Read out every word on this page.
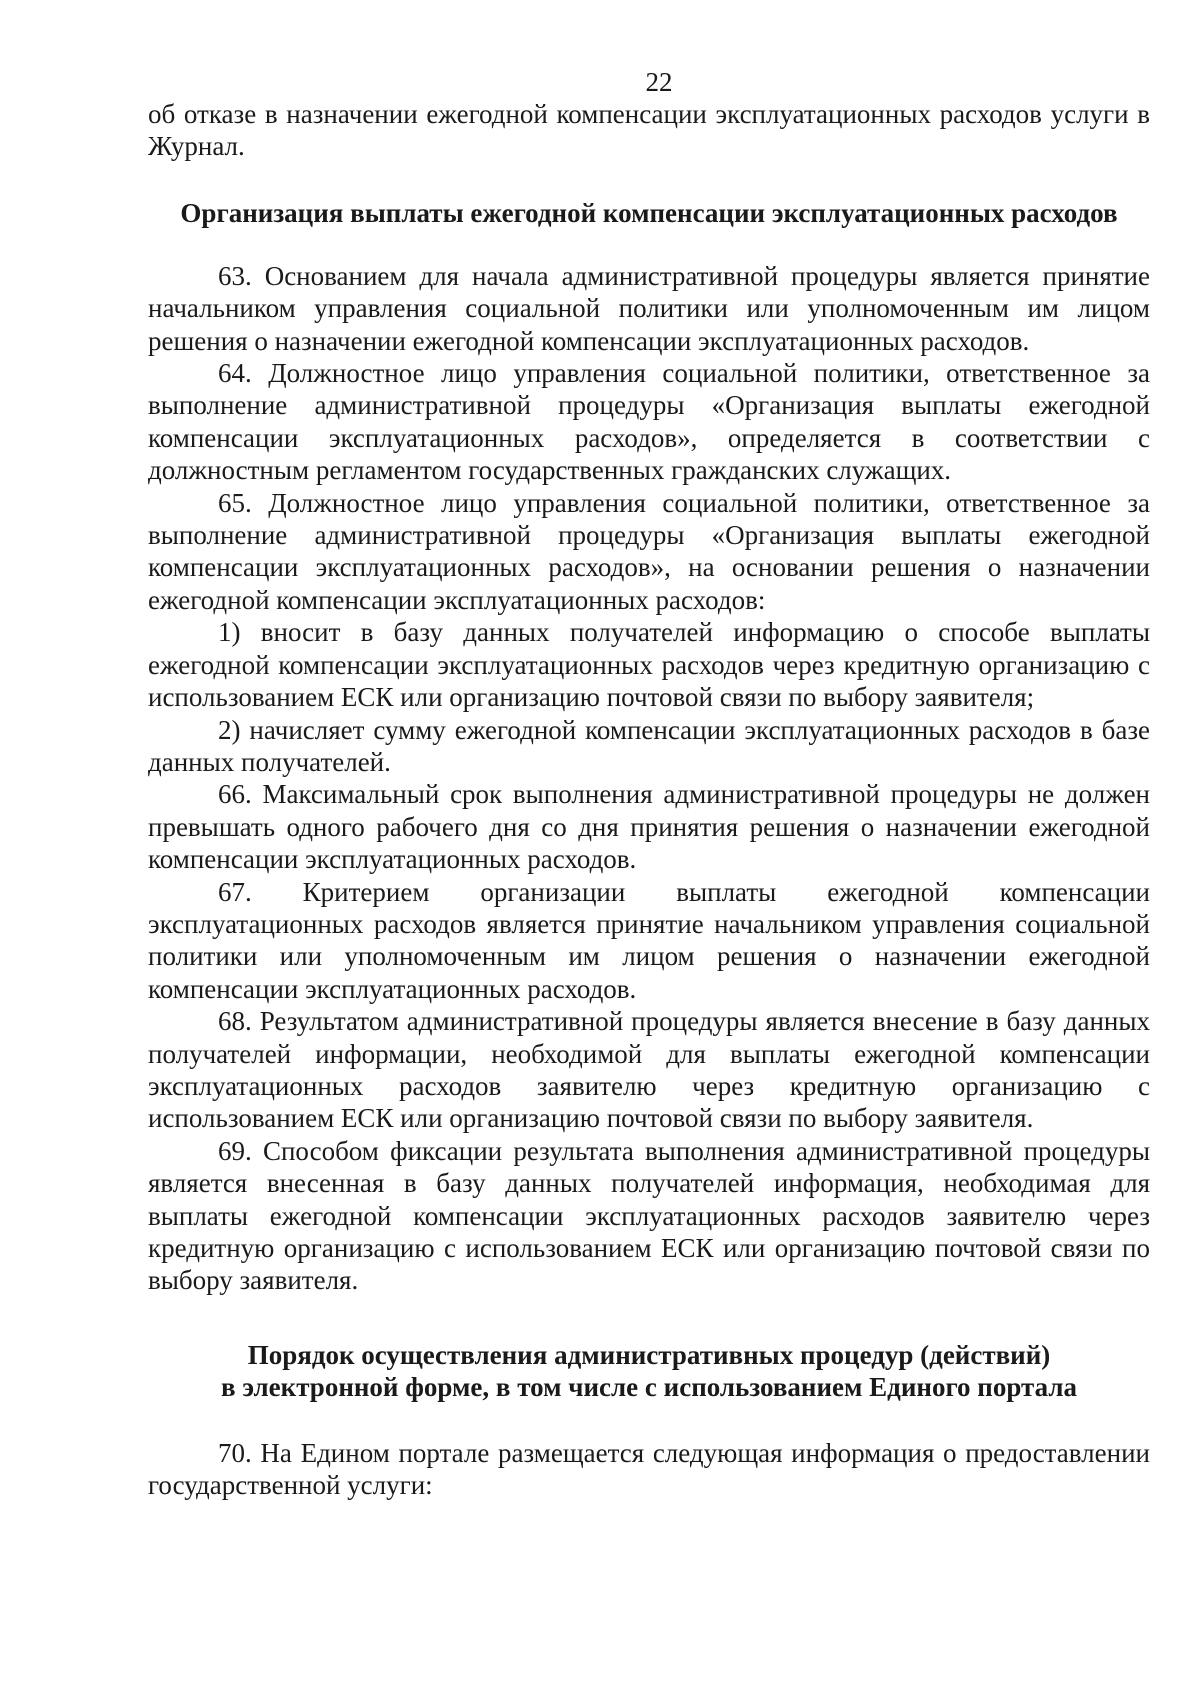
22

об отказе в назначении ежегодной компенсации эксплуатационных расходов услуги в Журнал.

Организация выплаты ежегодной компенсации эксплуатационных расходов

63. Основанием для начала административной процедуры является принятие начальником управления социальной политики или уполномоченным им лицом решения о назначении ежегодной компенсации эксплуатационных расходов.

64. Должностное лицо управления социальной политики, ответственное за выполнение административной процедуры «Организация выплаты ежегодной компенсации эксплуатационных расходов», определяется в соответствии с должностным регламентом государственных гражданских служащих.

65. Должностное лицо управления социальной политики, ответственное за выполнение административной процедуры «Организация выплаты ежегодной компенсации эксплуатационных расходов», на основании решения о назначении ежегодной компенсации эксплуатационных расходов:

1) вносит в базу данных получателей информацию о способе выплаты ежегодной компенсации эксплуатационных расходов через кредитную организацию с использованием ЕСК или организацию почтовой связи по выбору заявителя;

2) начисляет сумму ежегодной компенсации эксплуатационных расходов в базе данных получателей.

66. Максимальный срок выполнения административной процедуры не должен превышать одного рабочего дня со дня принятия решения о назначении ежегодной компенсации эксплуатационных расходов.

67. Критерием организации выплаты ежегодной компенсации эксплуатационных расходов является принятие начальником управления социальной политики или уполномоченным им лицом решения о назначении ежегодной компенсации эксплуатационных расходов.

68. Результатом административной процедуры является внесение в базу данных получателей информации, необходимой для выплаты ежегодной компенсации эксплуатационных расходов заявителю через кредитную организацию с использованием ЕСК или организацию почтовой связи по выбору заявителя.

69. Способом фиксации результата выполнения административной процедуры является внесенная в базу данных получателей информация, необходимая для выплаты ежегодной компенсации эксплуатационных расходов заявителю через кредитную организацию с использованием ЕСК или организацию почтовой связи по выбору заявителя.

Порядок осуществления административных процедур (действий)
в электронной форме, в том числе с использованием Единого портала

70. На Едином портале размещается следующая информация о предоставлении государственной услуги:
